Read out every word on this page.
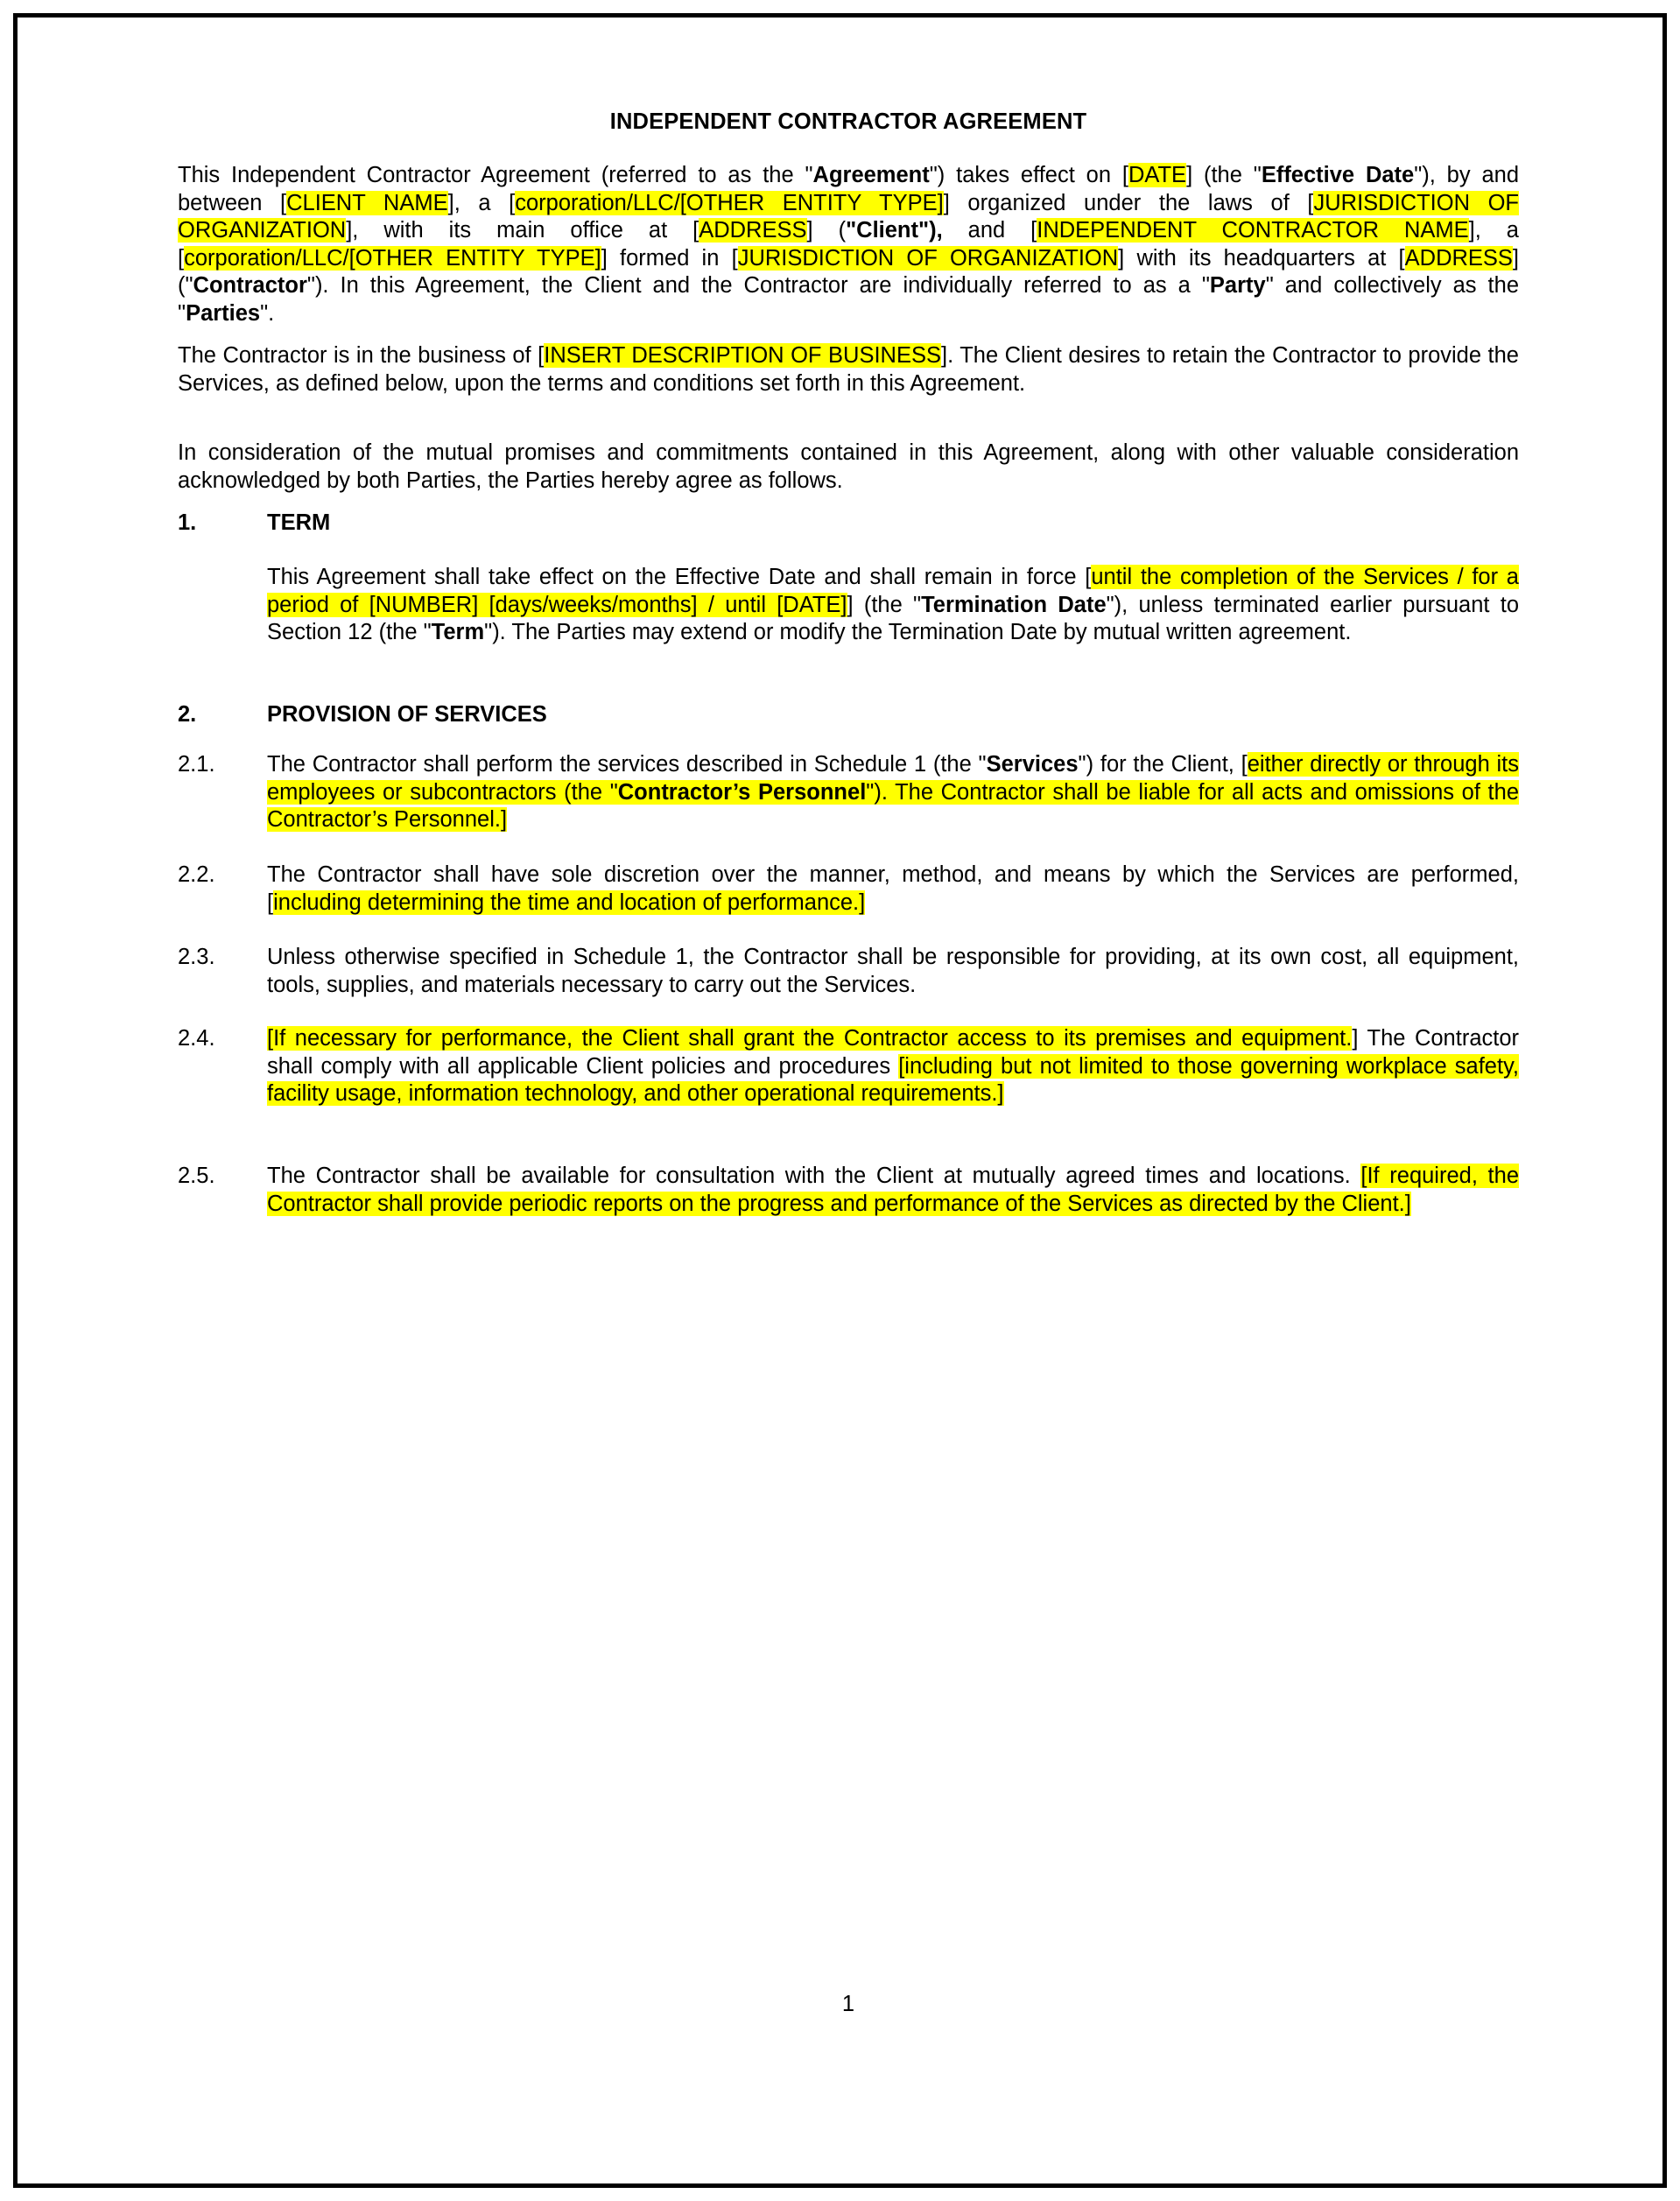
INDEPENDENT CONTRACTOR AGREEMENT
This Independent Contractor Agreement (referred to as the "Agreement") takes effect on [DATE] (the "Effective Date"), by and between [CLIENT NAME], a [corporation/LLC/[OTHER ENTITY TYPE]] organized under the laws of [JURISDICTION OF ORGANIZATION], with its main office at [ADDRESS] ("Client"), and [INDEPENDENT CONTRACTOR NAME], a [corporation/LLC/[OTHER ENTITY TYPE]] formed in [JURISDICTION OF ORGANIZATION] with its headquarters at [ADDRESS] ("Contractor"). In this Agreement, the Client and the Contractor are individually referred to as a "Party" and collectively as the "Parties".
The Contractor is in the business of [INSERT DESCRIPTION OF BUSINESS]. The Client desires to retain the Contractor to provide the Services, as defined below, upon the terms and conditions set forth in this Agreement.
In consideration of the mutual promises and commitments contained in this Agreement, along with other valuable consideration acknowledged by both Parties, the Parties hereby agree as follows.
1.	TERM
This Agreement shall take effect on the Effective Date and shall remain in force [until the completion of the Services / for a period of [NUMBER] [days/weeks/months] / until [DATE]] (the "Termination Date"), unless terminated earlier pursuant to Section 12 (the "Term"). The Parties may extend or modify the Termination Date by mutual written agreement.
2.	PROVISION OF SERVICES
2.1.	The Contractor shall perform the services described in Schedule 1 (the "Services") for the Client, [either directly or through its employees or subcontractors (the "Contractor’s Personnel"). The Contractor shall be liable for all acts and omissions of the Contractor’s Personnel.]
2.2.	The Contractor shall have sole discretion over the manner, method, and means by which the Services are performed, [including determining the time and location of performance.]
2.3.	Unless otherwise specified in Schedule 1, the Contractor shall be responsible for providing, at its own cost, all equipment, tools, supplies, and materials necessary to carry out the Services.
2.4.	[If necessary for performance, the Client shall grant the Contractor access to its premises and equipment.] The Contractor shall comply with all applicable Client policies and procedures [including but not limited to those governing workplace safety, facility usage, information technology, and other operational requirements.]
2.5.	The Contractor shall be available for consultation with the Client at mutually agreed times and locations. [If required, the Contractor shall provide periodic reports on the progress and performance of the Services as directed by the Client.]
1
